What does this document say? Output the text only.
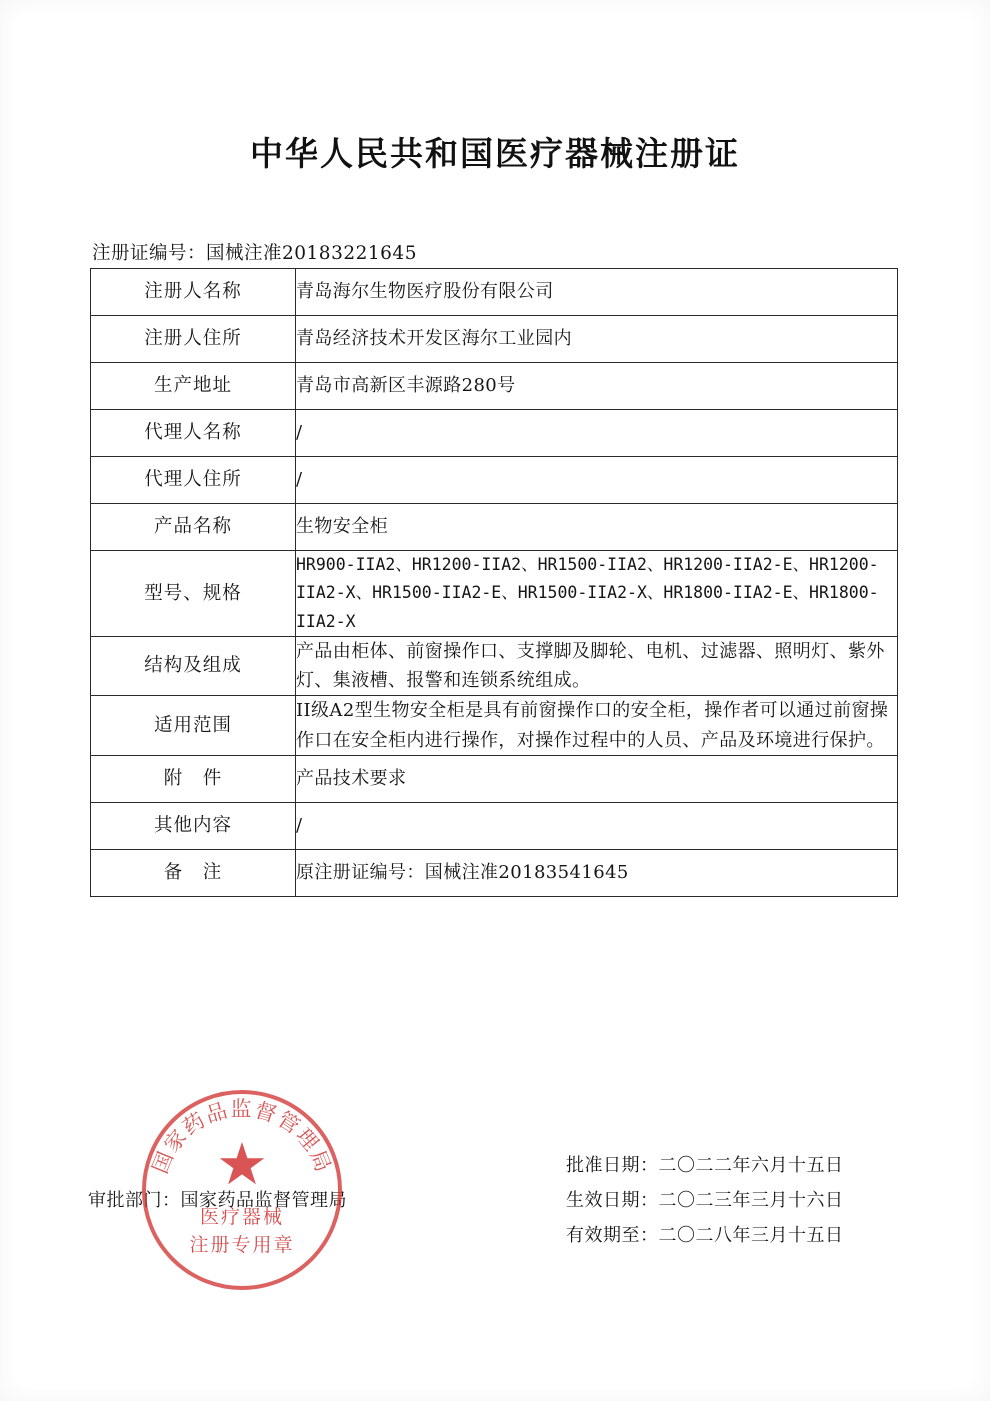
中华人民共和国医疗器械注册证

注册证编号：国械注准20183221645

注册人名称	青岛海尔生物医疗股份有限公司
注册人住所	青岛经济技术开发区海尔工业园内
生产地址	青岛市高新区丰源路280号
代理人名称	/
代理人住所	/
产品名称	生物安全柜
型号、规格	HR900-IIA2、HR1200-IIA2、HR1500-IIA2、HR1200-IIA2-E、HR1200-IIA2-X、HR1500-IIA2-E、HR1500-IIA2-X、HR1800-IIA2-E、HR1800-IIA2-X
结构及组成	产品由柜体、前窗操作口、支撑脚及脚轮、电机、过滤器、照明灯、紫外灯、集液槽、报警和连锁系统组成。
适用范围	II级A2型生物安全柜是具有前窗操作口的安全柜，操作者可以通过前窗操作口在安全柜内进行操作，对操作过程中的人员、产品及环境进行保护。
附　件	产品技术要求
其他内容	/
备　注	原注册证编号：国械注准20183541645
审批部门：国家药品监督管理局
批准日期：二〇二二年六月十五日
生效日期：二〇二三年三月十六日
有效期至：二〇二八年三月十五日
国家药品监督管理局
医疗器械
注册专用章
